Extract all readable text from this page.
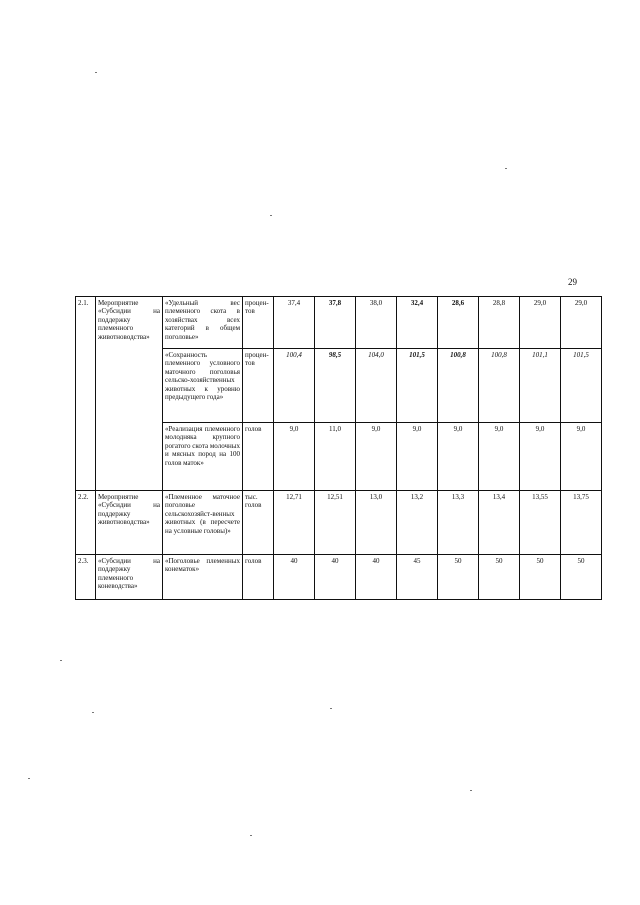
29
2.1.	Мероприятие «Субсидии на поддержку племенного животноводства»	«Удельный вес племенного скота в хозяйствах всех категорий в общем поголовье»	процен-тов	37,4	37,8	38,0	32,4	28,6	28,8	29,0	29,0
		«Сохранность племенного условного маточного поголовья сельско-хозяйственных животных к уровню предыдущего года»	процен-тов	100,4	98,5	104,0	101,5	100,8	100,8	101,1	101,5
		«Реализация племенного молодняка крупного рогатого скота молочных и мясных пород на 100 голов маток»	голов	9,0	11,0	9,0	9,0	9,0	9,0	9,0	9,0
2.2.	Мероприятие «Субсидии на поддержку животноводства»	«Племенное маточное поголовье сельскохозяйст-венных животных (в пересчете на условные головы)»	тыс. голов	12,71	12,51	13,0	13,2	13,3	13,4	13,55	13,75
2.3.	«Субсидии на поддержку племенного коневодства»	«Поголовье племенных конематок»	голов	40	40	40	45	50	50	50	50
